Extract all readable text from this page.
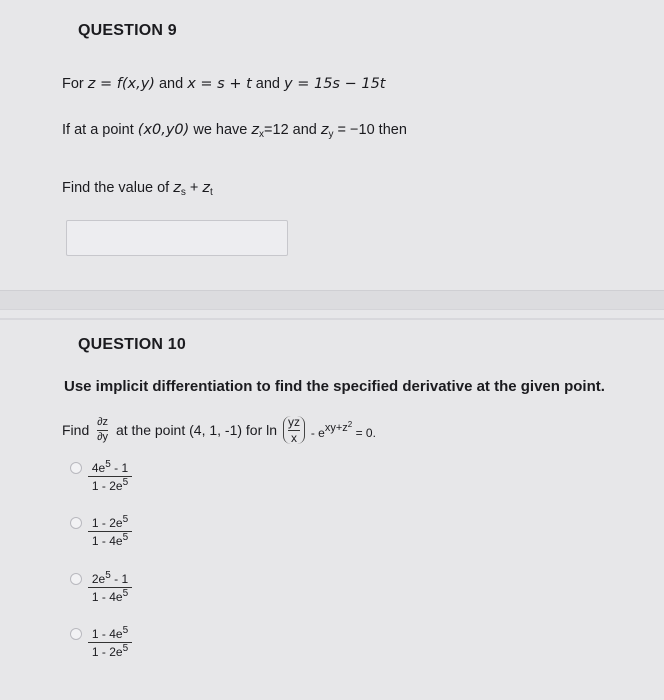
QUESTION 9
For z = f(x,y) and x = s + t and y = 15s − 15t
If at a point (x0,y0) we have $z_x=12$ and $z_y = -10$ then
Find the value of $z_s + z_t$
QUESTION 10
Use implicit differentiation to find the specified derivative at the given point.
Find $\frac{\partial z}{\partial y}$ at the point (4, 1, -1) for $\ln \frac{yz}{x} - exy+z^2 = 0$.
$\frac{4e^5 - 1}{1 - 2e^5}$
$\frac{1 - 2e^5}{1 - 4e^5}$
$\frac{2e^5 - 1}{1 - 4e^5}$
$\frac{1 - 4e^5}{1 - 2e^5}$
